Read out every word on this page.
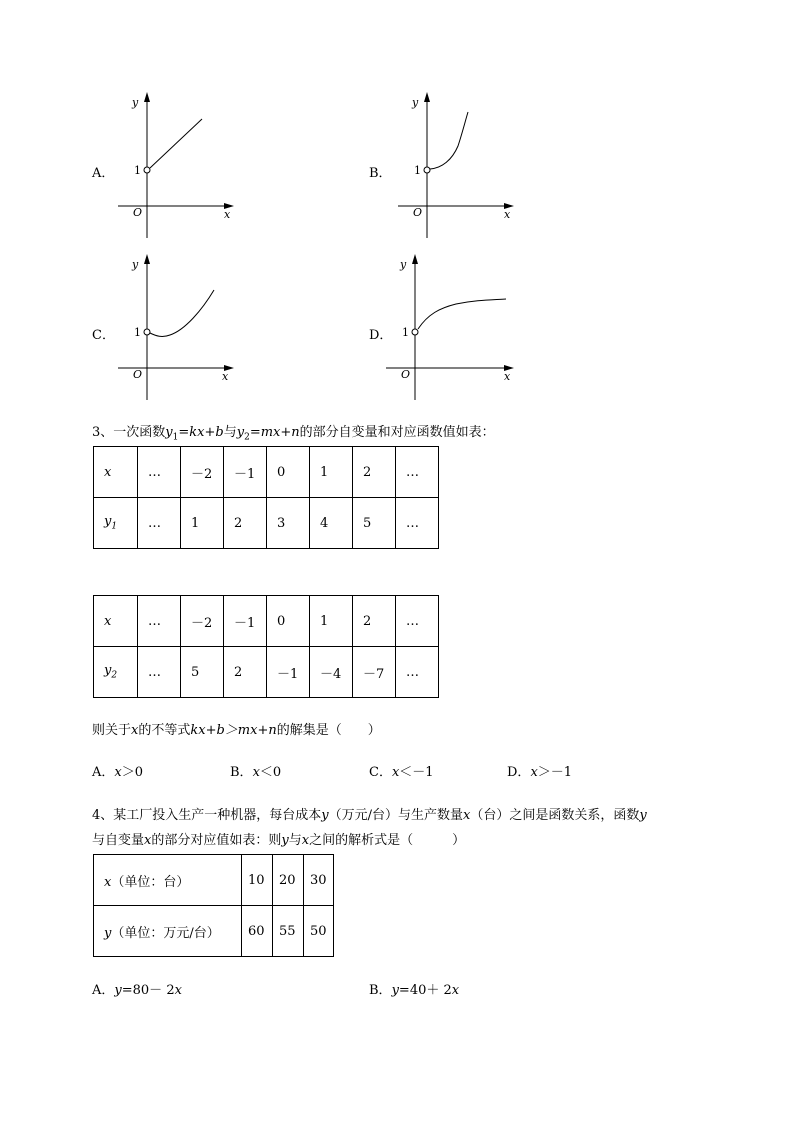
A．
y
x
O
1	B．
y
x
O
1
C．
y
x
O
1	D．
y
x
O
1
3、一次函数$y_1=kx+b$与$y_2=mx+n$的部分自变量和对应函数值如表：
x	…	－2	－1	0	1	2	…
$y_1$	…	1	2	3	4	5	…
x	…	－2	－1	0	1	2	…
$y_2$	…	5	2	－1	－4	－7	…
则关于x的不等式kx+b＞mx+n的解集是（　　）
A．x＞0	B．x＜0	C．x＜－1	D．x＞－1
4、某工厂投入生产一种机器，每台成本y（万元/台）与生产数量x（台）之间是函数关系，函数y
与自变量x的部分对应值如表：则y与x之间的解析式是（　　　）
x（单位：台）	10	20	30
y（单位：万元/台）	60	55	50
A．y=80－ 2x	B．y=40＋ 2x
